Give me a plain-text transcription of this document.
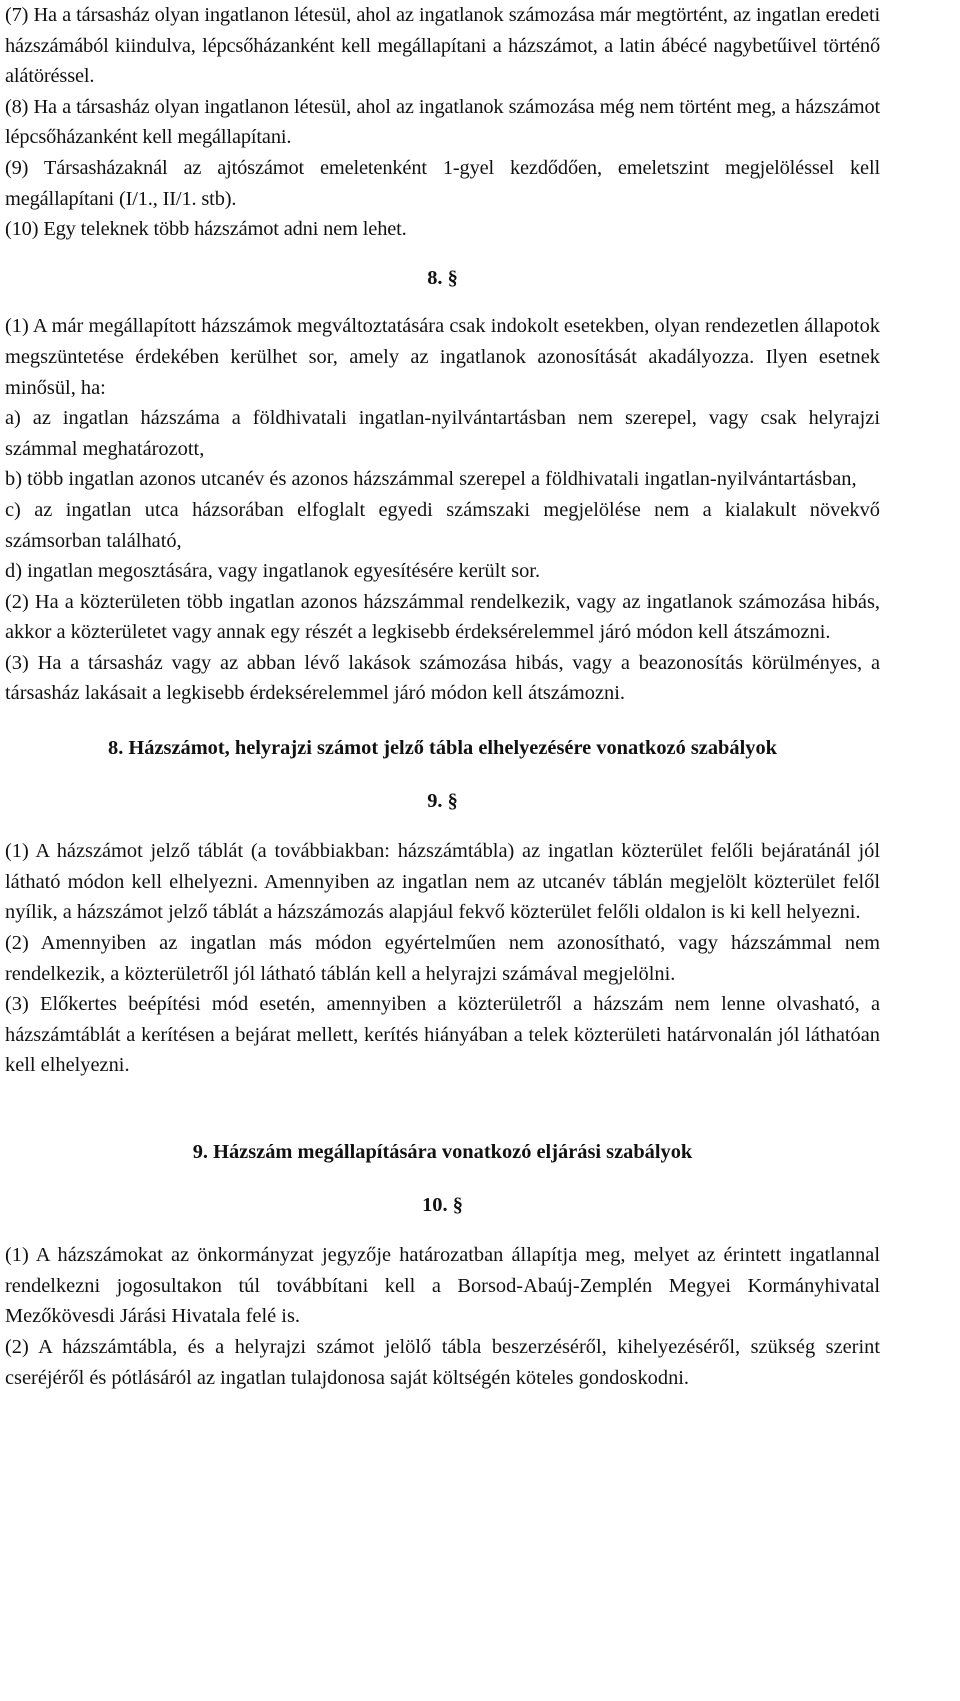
(7) Ha a társasház olyan ingatlanon létesül, ahol az ingatlanok számozása már megtörtént, az ingatlan eredeti házszámából kiindulva, lépcsőházanként kell megállapítani a házszámot, a latin ábécé nagybetűivel történő alátöréssel.

(8) Ha a társasház olyan ingatlanon létesül, ahol az ingatlanok számozása még nem történt meg, a házszámot lépcsőházanként kell megállapítani.

(9) Társasházaknál az ajtószámot emeletenként 1-gyel kezdődően, emeletszint megjelöléssel kell megállapítani (I/1., II/1. stb).

(10) Egy teleknek több házszámot adni nem lehet.

8. §

(1) A már megállapított házszámok megváltoztatására csak indokolt esetekben, olyan rendezetlen állapotok megszüntetése érdekében kerülhet sor, amely az ingatlanok azonosítását akadályozza. Ilyen esetnek minősül, ha:

a) az ingatlan házszáma a földhivatali ingatlan-nyilvántartásban nem szerepel, vagy csak helyrajzi számmal meghatározott,

b) több ingatlan azonos utcanév és azonos házszámmal szerepel a földhivatali ingatlan-nyilvántartásban,

c) az ingatlan utca házsorában elfoglalt egyedi számszaki megjelölése nem a kialakult növekvő számsorban található,

d) ingatlan megosztására, vagy ingatlanok egyesítésére került sor.

(2) Ha a közterületen több ingatlan azonos házszámmal rendelkezik, vagy az ingatlanok számozása hibás, akkor a közterületet vagy annak egy részét a legkisebb érdeksérelemmel járó módon kell átszámozni.

(3) Ha a társasház vagy az abban lévő lakások számozása hibás, vagy a beazonosítás körülményes, a társasház lakásait a legkisebb érdeksérelemmel járó módon kell átszámozni.

8. Házszámot, helyrajzi számot jelző tábla elhelyezésére vonatkozó szabályok

9. §

(1) A házszámot jelző táblát (a továbbiakban: házszámtábla) az ingatlan közterület felőli bejáratánál jól látható módon kell elhelyezni. Amennyiben az ingatlan nem az utcanév táblán megjelölt közterület felől nyílik, a házszámot jelző táblát a házszámozás alapjául fekvő közterület felőli oldalon is ki kell helyezni.

(2) Amennyiben az ingatlan más módon egyértelműen nem azonosítható, vagy házszámmal nem rendelkezik, a közterületről jól látható táblán kell a helyrajzi számával megjelölni.

(3) Előkertes beépítési mód esetén, amennyiben a közterületről a házszám nem lenne olvasható, a házszámtáblát a kerítésen a bejárat mellett, kerítés hiányában a telek közterületi határvonalán jól láthatóan kell elhelyezni.

9. Házszám megállapítására vonatkozó eljárási szabályok

10. §

(1) A házszámokat az önkormányzat jegyzője határozatban állapítja meg, melyet az érintett ingatlannal rendelkezni jogosultakon túl továbbítani kell a Borsod-Abaúj-Zemplén Megyei Kormányhivatal Mezőkövesdi Járási Hivatala felé is.

(2) A házszámtábla, és a helyrajzi számot jelölő tábla beszerzéséről, kihelyezéséről, szükség szerint cseréjéről és pótlásáról az ingatlan tulajdonosa saját költségén köteles gondoskodni.
